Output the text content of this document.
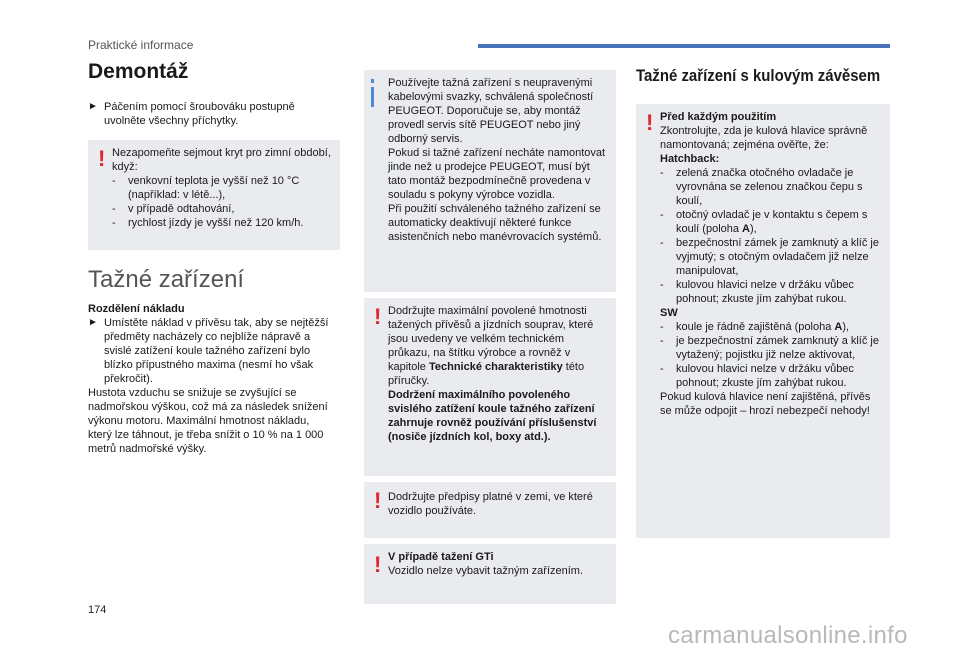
Praktické informace
Demontáž
► Páčením pomocí šroubováku postupně uvolněte všechny příchytky.
! Nezapomeňte sejmout kryt pro zimní období, když:
- venkovní teplota je vyšší než 10 °C (například: v létě...),
- v případě odtahování,
- rychlost jízdy je vyšší než 120 km/h.
Tažné zařízení
Rozdělení nákladu
► Umístěte náklad v přívěsu tak, aby se nejtěžší předměty nacházely co nejblíže nápravě a svislé zatížení koule tažného zařízení bylo blízko přípustného maxima (nesmí ho však překročit).
Hustota vzduchu se snižuje se zvyšující se nadmořskou výškou, což má za následek snížení výkonu motoru. Maximální hmotnost nákladu, který lze táhnout, je třeba snížit o 10 % na 1 000 metrů nadmořské výšky.
Používejte tažná zařízení s neupravenými kabelovými svazky, schválená společností PEUGEOT. Doporučuje se, aby montáž provedl servis sítě PEUGEOT nebo jiný odborný servis.
Pokud si tažné zařízení necháte namontovat jinde než u prodejce PEUGEOT, musí být tato montáž bezpodmínečně provedena v souladu s pokyny výrobce vozidla.
Při použití schváleného tažného zařízení se automaticky deaktivují některé funkce asistenčních nebo manévrovacích systémů.
! Dodržujte maximální povolené hmotnosti tažených přívěsů a jízdních souprav, které jsou uvedeny ve velkém technickém průkazu, na štítku výrobce a rovněž v kapitole Technické charakteristiky této příručky.
Dodržení maximálního povoleného svislého zatížení koule tažného zařízení zahrnuje rovněž používání příslušenství (nosiče jízdních kol, boxy atd.).
! Dodržujte předpisy platné v zemi, ve které vozidlo používáte.
! V případě tažení GTi
Vozidlo nelze vybavit tažným zařízením.
Tažné zařízení s kulovým závěsem
! Před každým použitím
Zkontrolujte, zda je kulová hlavice správně namontovaná; zejména ověřte, že:
Hatchback:
- zelená značka otočného ovladače je vyrovnána se zelenou značkou čepu s koulí,
- otočný ovladač je v kontaktu s čepem s koulí (poloha A),
- bezpečnostní zámek je zamknutý a klíč je vyjmutý; s otočným ovladačem již nelze manipulovat,
- kulovou hlavici nelze v držáku vůbec pohnout; zkuste jím zahýbat rukou.
SW
- koule je řádně zajištěná (poloha A),
- je bezpečnostní zámek zamknutý a klíč je vytažený; pojistku již nelze aktivovat,
- kulovou hlavici nelze v držáku vůbec pohnout; zkuste jím zahýbat rukou.
Pokud kulová hlavice není zajištěná, přívěs se může odpojit – hrozí nebezpečí nehody!
174
carmanualsonline.info
